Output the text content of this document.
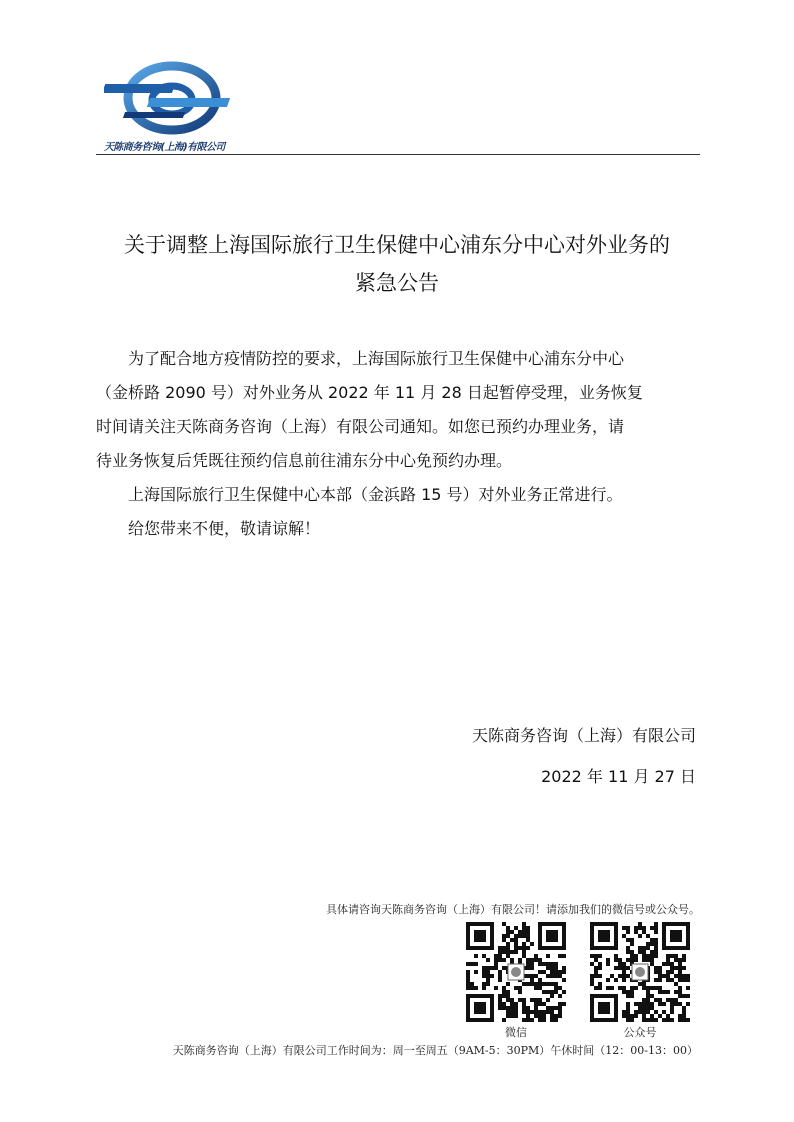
天陈商务咨询(上海)有限公司
关于调整上海国际旅行卫生保健中心浦东分中心对外业务的
紧急公告

为了配合地方疫情防控的要求，上海国际旅行卫生保健中心浦东分中心
（金桥路 2090 号）对外业务从 2022 年 11 月 28 日起暂停受理，业务恢复
时间请关注天陈商务咨询（上海）有限公司通知。如您已预约办理业务，请
待业务恢复后凭既往预约信息前往浦东分中心免预约办理。

上海国际旅行卫生保健中心本部（金浜路 15 号）对外业务正常进行。

给您带来不便，敬请谅解！

天陈商务咨询（上海）有限公司
2022 年 11 月 27 日
具体请咨询天陈商务咨询（上海）有限公司！请添加我们的微信号或公众号。
微信	公众号
天陈商务咨询（上海）有限公司工作时间为：周一至周五（9AM-5：30PM）午休时间（12：00-13：00）
